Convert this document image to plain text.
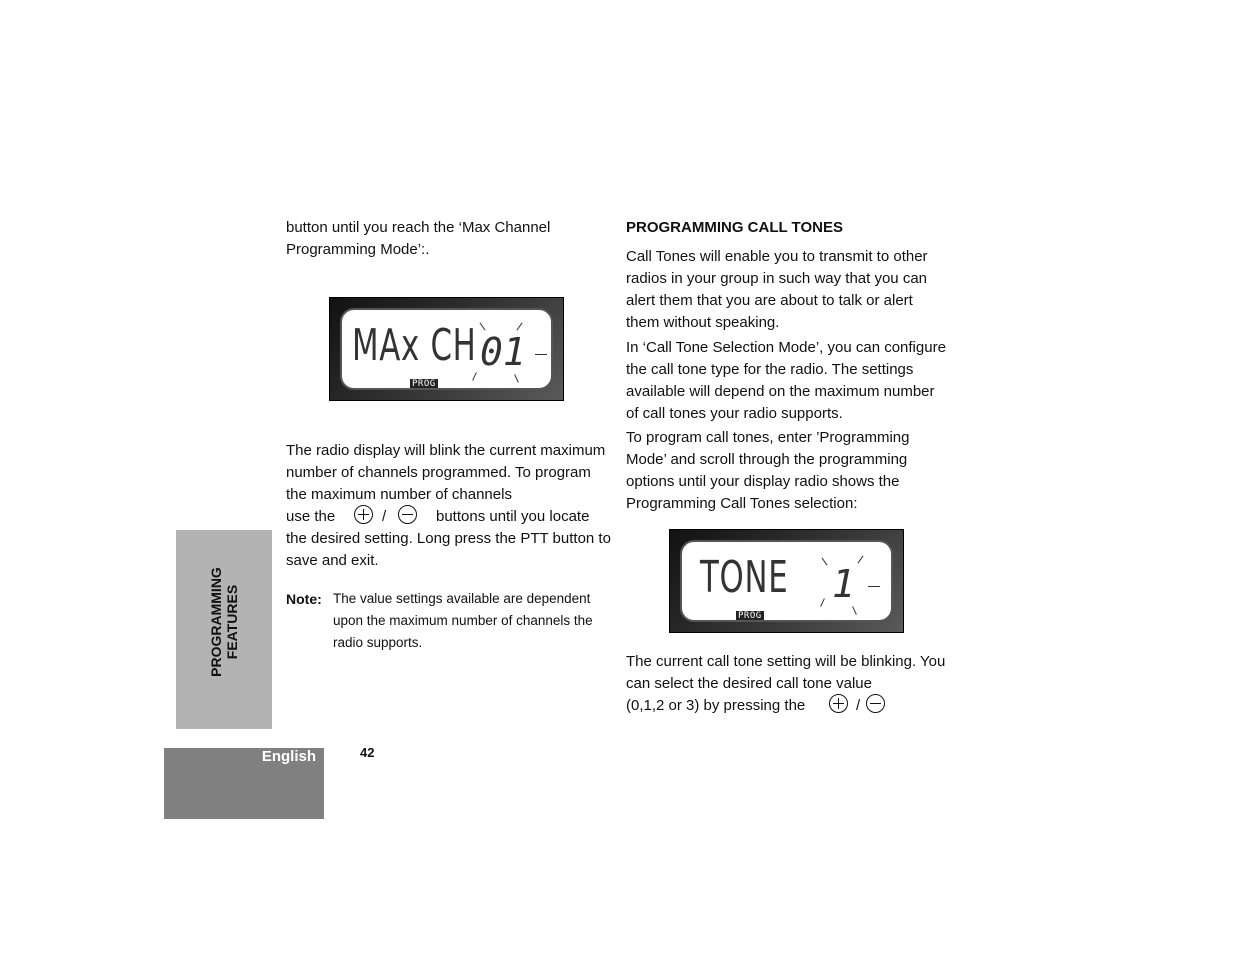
button until you reach the ‘Max Channel Programming Mode’:.

MAx CH 01
PROG

The radio display will blink the current maximum number of channels programmed. To program the maximum number of channels

use the	/	buttons until you locate

the desired setting. Long press the PTT button to save and exit.

Note: The value settings available are dependent upon the maximum number of channels the radio supports.

PROGRAMMING CALL TONES

Call Tones will enable you to transmit to other radios in your group in such way that you can alert them that you are about to talk or alert them without speaking.

In ‘Call Tone Selection Mode’, you can configure the call tone type for the radio. The settings available will depend on the maximum number of call tones your radio supports.

To program call tones, enter ’Programming Mode’ and scroll through the programming options until your display radio shows the Programming Call Tones selection:

TONE 1
PROG

The current call tone setting will be blinking. You can select the desired call tone value

(0,1,2 or 3) by pressing the	/
PROGRAMMING FEATURES
English	42
